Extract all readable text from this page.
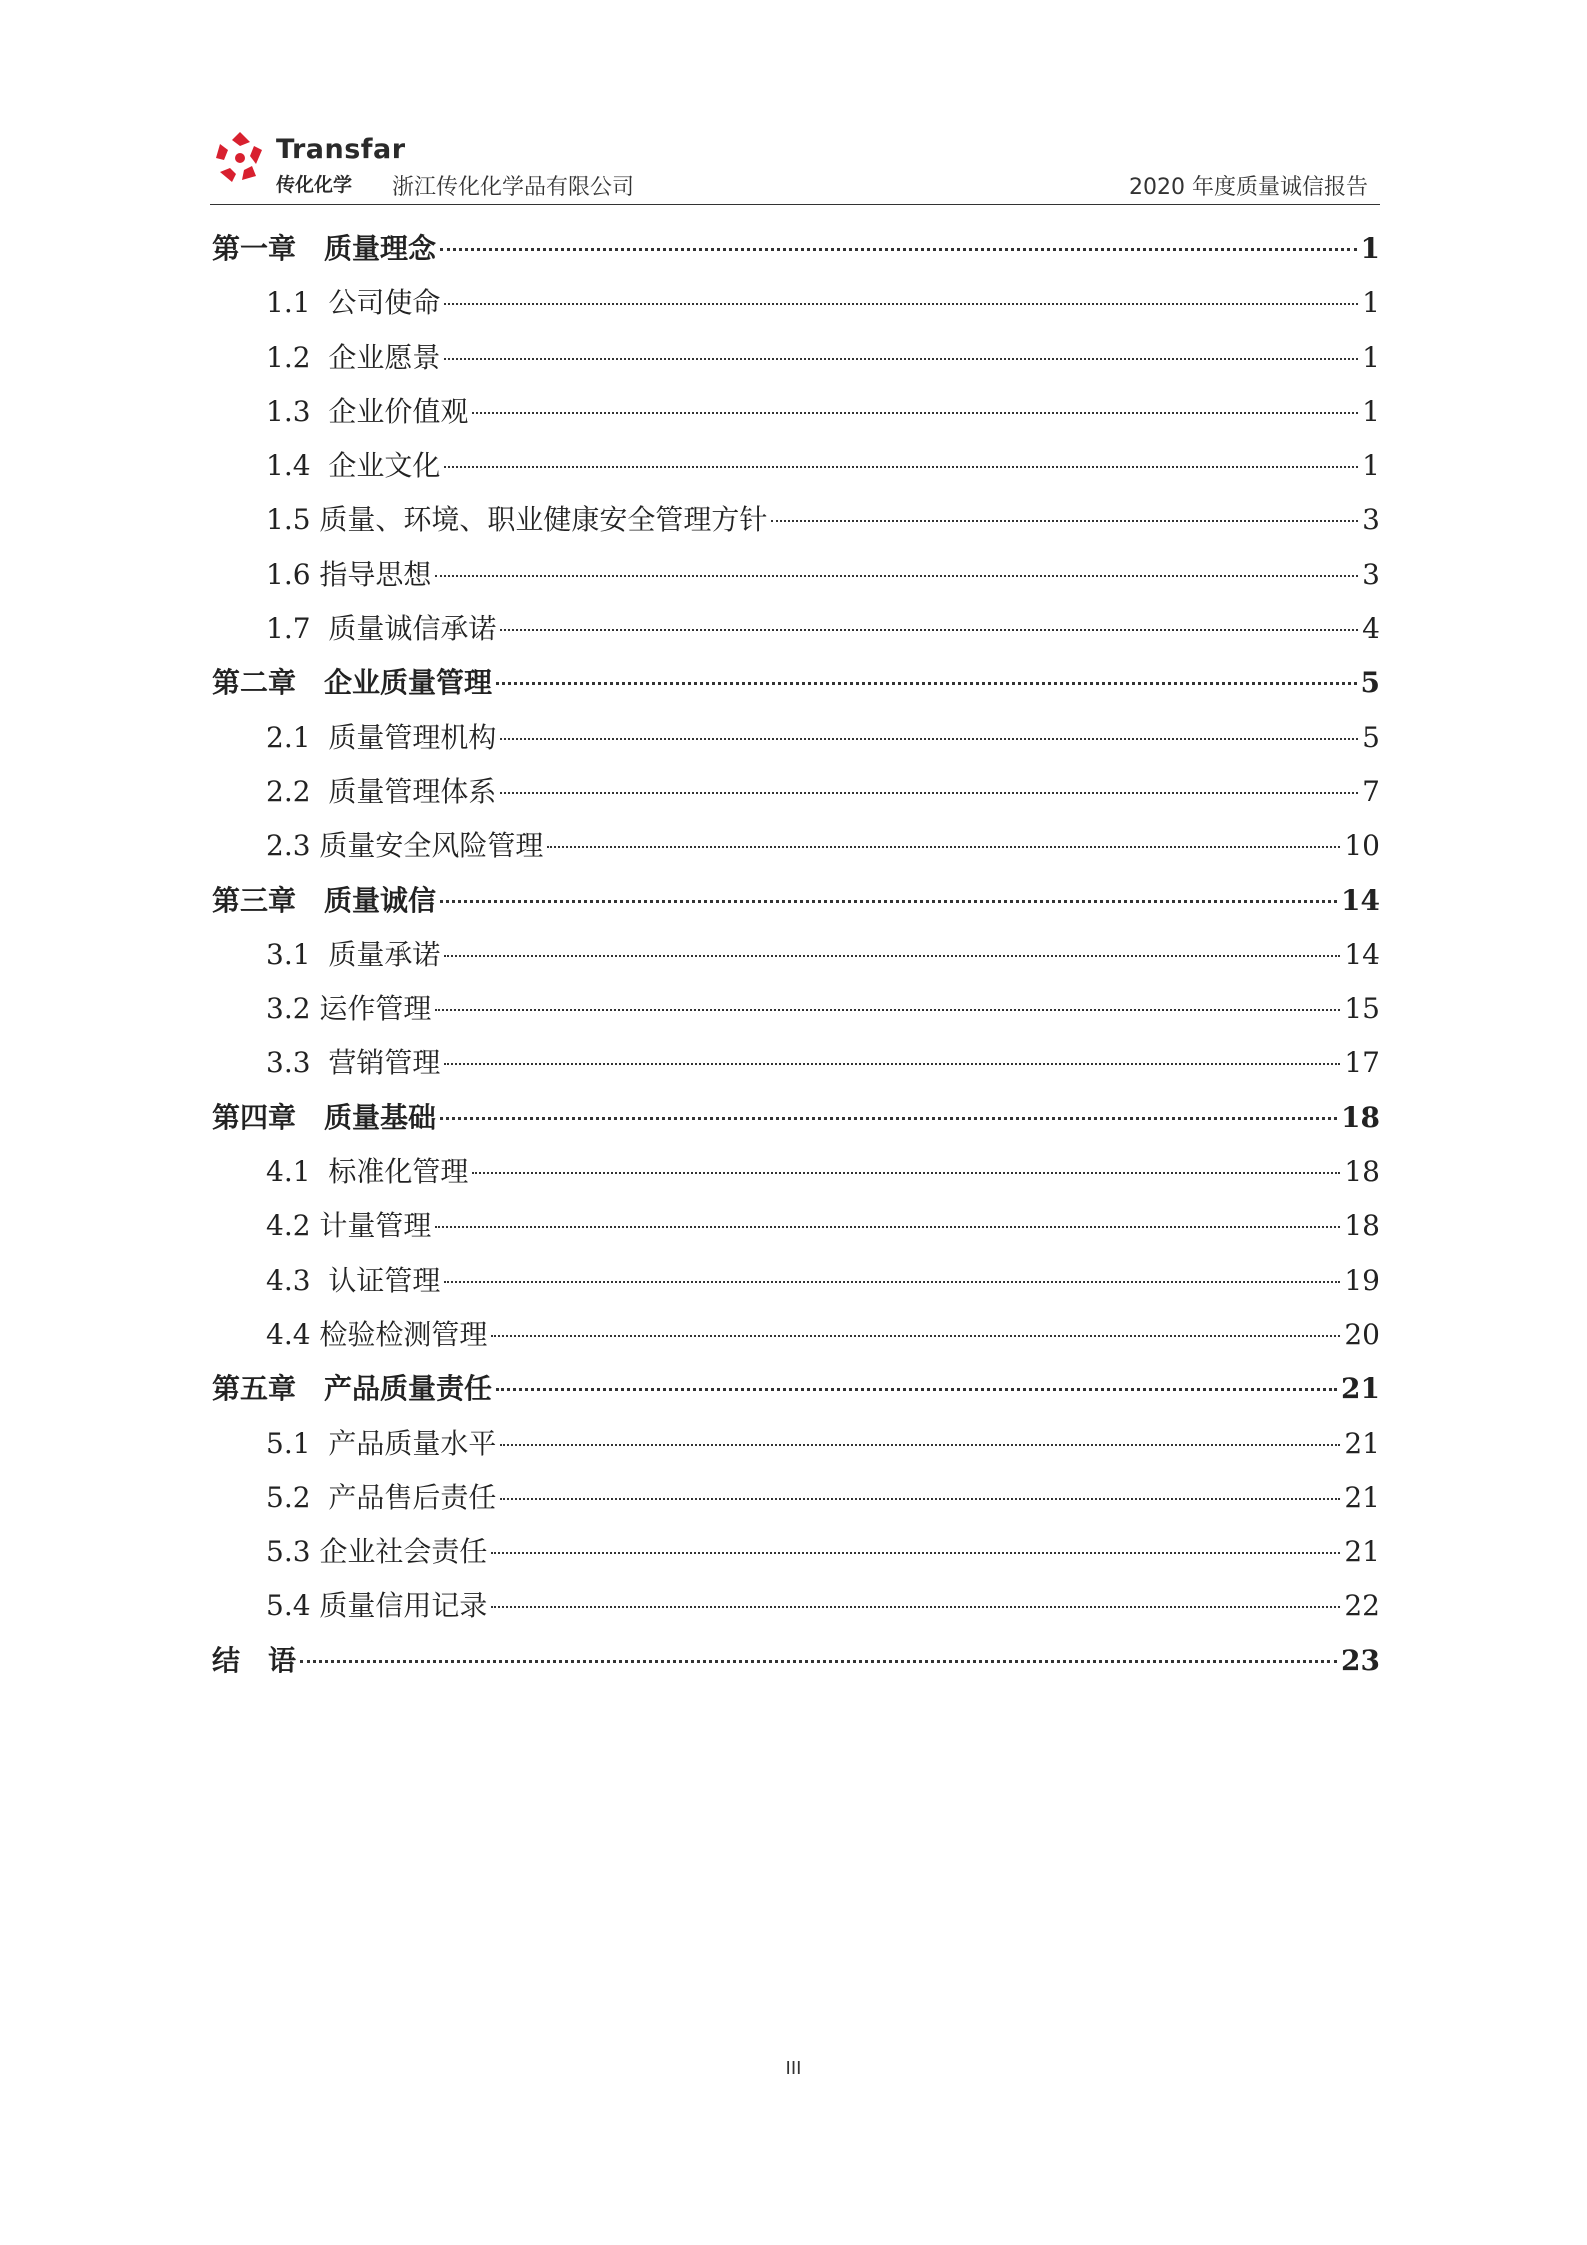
Transfar
传化化学 浙江传化化学品有限公司	2020 年度质量诚信报告
第一章　质量理念	1
1.1  公司使命	1
1.2  企业愿景	1
1.3  企业价值观	1
1.4  企业文化	1
1.5 质量、环境、职业健康安全管理方针	3
1.6 指导思想	3
1.7  质量诚信承诺	4
第二章　企业质量管理	5
2.1  质量管理机构	5
2.2  质量管理体系	7
2.3 质量安全风险管理	10
第三章　质量诚信	14
3.1  质量承诺	14
3.2 运作管理	15
3.3  营销管理	17
第四章　质量基础	18
4.1  标准化管理	18
4.2 计量管理	18
4.3  认证管理	19
4.4 检验检测管理	20
第五章　产品质量责任	21
5.1  产品质量水平	21
5.2  产品售后责任	21
5.3 企业社会责任	21
5.4 质量信用记录	22
结　语	23
III
